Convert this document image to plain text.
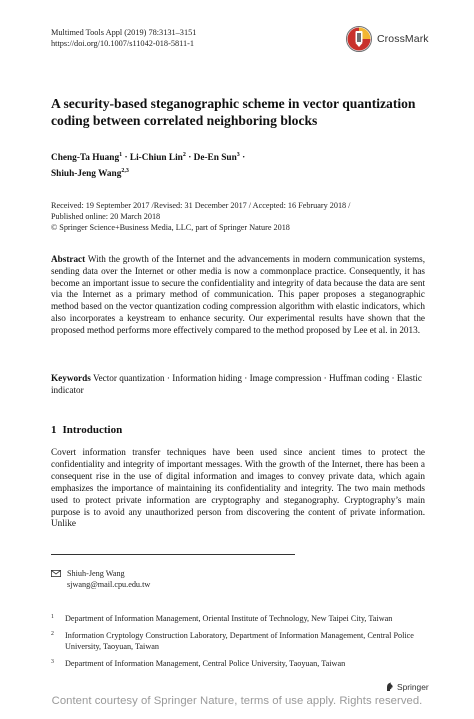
Multimed Tools Appl (2019) 78:3131–3151
https://doi.org/10.1007/s11042-018-5811-1	CrossMark
A security-based steganographic scheme in vector quantization coding between correlated neighboring blocks
Cheng-Ta Huang$^1$ · Li-Chiun Lin$^2$ · De-En Sun$^3$ ·
Shiuh-Jeng Wang$^{2,3}$
Received: 19 September 2017 /Revised: 31 December 2017 / Accepted: 16 February 2018 /
Published online: 20 March 2018
© Springer Science+Business Media, LLC, part of Springer Nature 2018
Abstract With the growth of the Internet and the advancements in modern communication systems, sending data over the Internet or other media is now a commonplace practice. Consequently, it has become an important issue to secure the confidentiality and integrity of data because the data are sent via the Internet as a primary method of communication. This paper proposes a steganographic method based on the vector quantization coding compression algorithm with elastic indicators, which also incorporates a keystream to enhance security. Our experimental results have shown that the proposed method performs more effectively compared to the method proposed by Lee et al. in 2013.
Keywords Vector quantization · Information hiding · Image compression · Huffman coding · Elastic indicator
1 Introduction
Covert information transfer techniques have been used since ancient times to protect the confidentiality and integrity of important messages. With the growth of the Internet, there has been a consequent rise in the use of digital information and images to convey private data, which again emphasizes the importance of maintaining its confidentiality and integrity. The two main methods used to protect private information are cryptography and steganography. Cryptography’s main purpose is to avoid any unauthorized person from discovering the content of private information. Unlike
Shiuh-Jeng Wang
sjwang@mail.cpu.edu.tw
1	Department of Information Management, Oriental Institute of Technology, New Taipei City, Taiwan
2	Information Cryptology Construction Laboratory, Department of Information Management, Central Police University, Taoyuan, Taiwan
3	Department of Information Management, Central Police University, Taoyuan, Taiwan
Springer
Content courtesy of Springer Nature, terms of use apply. Rights reserved.
